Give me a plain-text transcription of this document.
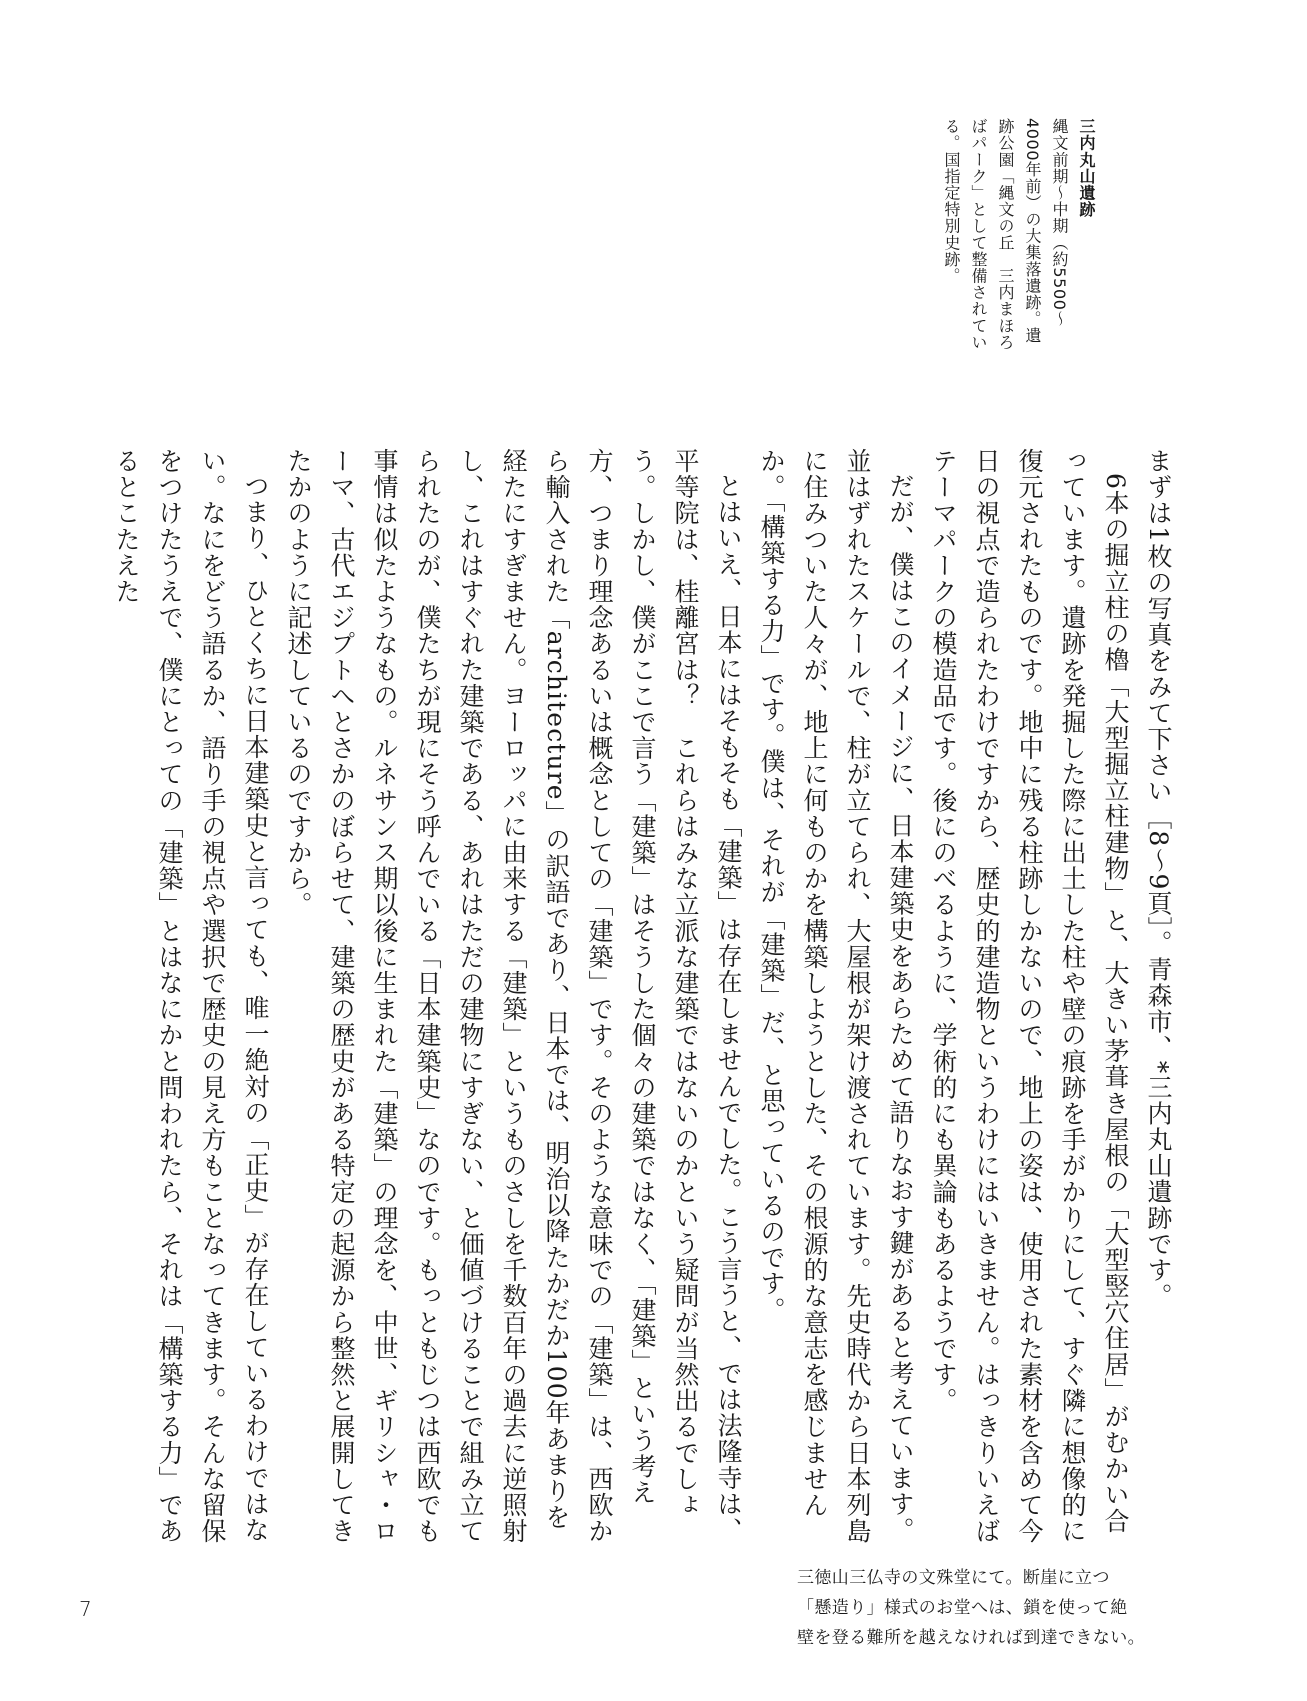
三内丸山遺跡

縄文前期〜中期（約5500〜4000年前）の大集落遺跡。遺跡公園「縄文の丘　三内まほろばパーク」として整備されている。国指定特別史跡。

まずは1枚の写真をみて下さい［8〜9頁］。青森市、*三内丸山遺跡です。

6本の掘立柱の櫓「大型掘立柱建物」と、大きい茅葺き屋根の「大型竪穴住居」がむかい合っています。遺跡を発掘した際に出土した柱や壁の痕跡を手がかりにして、すぐ隣に想像的に復元されたものです。地中に残る柱跡しかないので、地上の姿は、使用された素材を含めて今日の視点で造られたわけですから、歴史的建造物というわけにはいきません。はっきりいえばテーマパークの模造品です。後にのべるように、学術的にも異論もあるようです。

だが、僕はこのイメージに、日本建築史をあらためて語りなおす鍵があると考えています。並はずれたスケールで、柱が立てられ、大屋根が架け渡されています。先史時代から日本列島に住みついた人々が、地上に何ものかを構築しようとした、その根源的な意志を感じませんか。「構築する力」です。僕は、それが「建築」だ、と思っているのです。

とはいえ、日本にはそもそも「建築」は存在しませんでした。こう言うと、では法隆寺は、平等院は、桂離宮は？　これらはみな立派な建築ではないのかという疑問が当然出るでしょう。しかし、僕がここで言う「建築」はそうした個々の建築ではなく、「建築」という考え方、つまり理念あるいは概念としての「建築」です。そのような意味での「建築」は、西欧から輸入された「architecture」の訳語であり、日本では、明治以降たかだか100年あまりを経たにすぎません。ヨーロッパに由来する「建築」というものさしを千数百年の過去に逆照射し、これはすぐれた建築である、あれはただの建物にすぎない、と価値づけることで組み立てられたのが、僕たちが現にそう呼んでいる「日本建築史」なのです。もっともじつは西欧でも事情は似たようなもの。ルネサンス期以後に生まれた「建築」の理念を、中世、ギリシャ・ローマ、古代エジプトへとさかのぼらせて、建築の歴史がある特定の起源から整然と展開してきたかのように記述しているのですから。

つまり、ひとくちに日本建築史と言っても、唯一絶対の「正史」が存在しているわけではない。なにをどう語るか、語り手の視点や選択で歴史の見え方もことなってきます。そんな留保をつけたうえで、僕にとっての「建築」とはなにかと問われたら、それは「構築する力」であるとこたえた

三徳山三仏寺の文殊堂にて。断崖に立つ
「懸造り」様式のお堂へは、鎖を使って絶
壁を登る難所を越えなければ到達できない。
7
